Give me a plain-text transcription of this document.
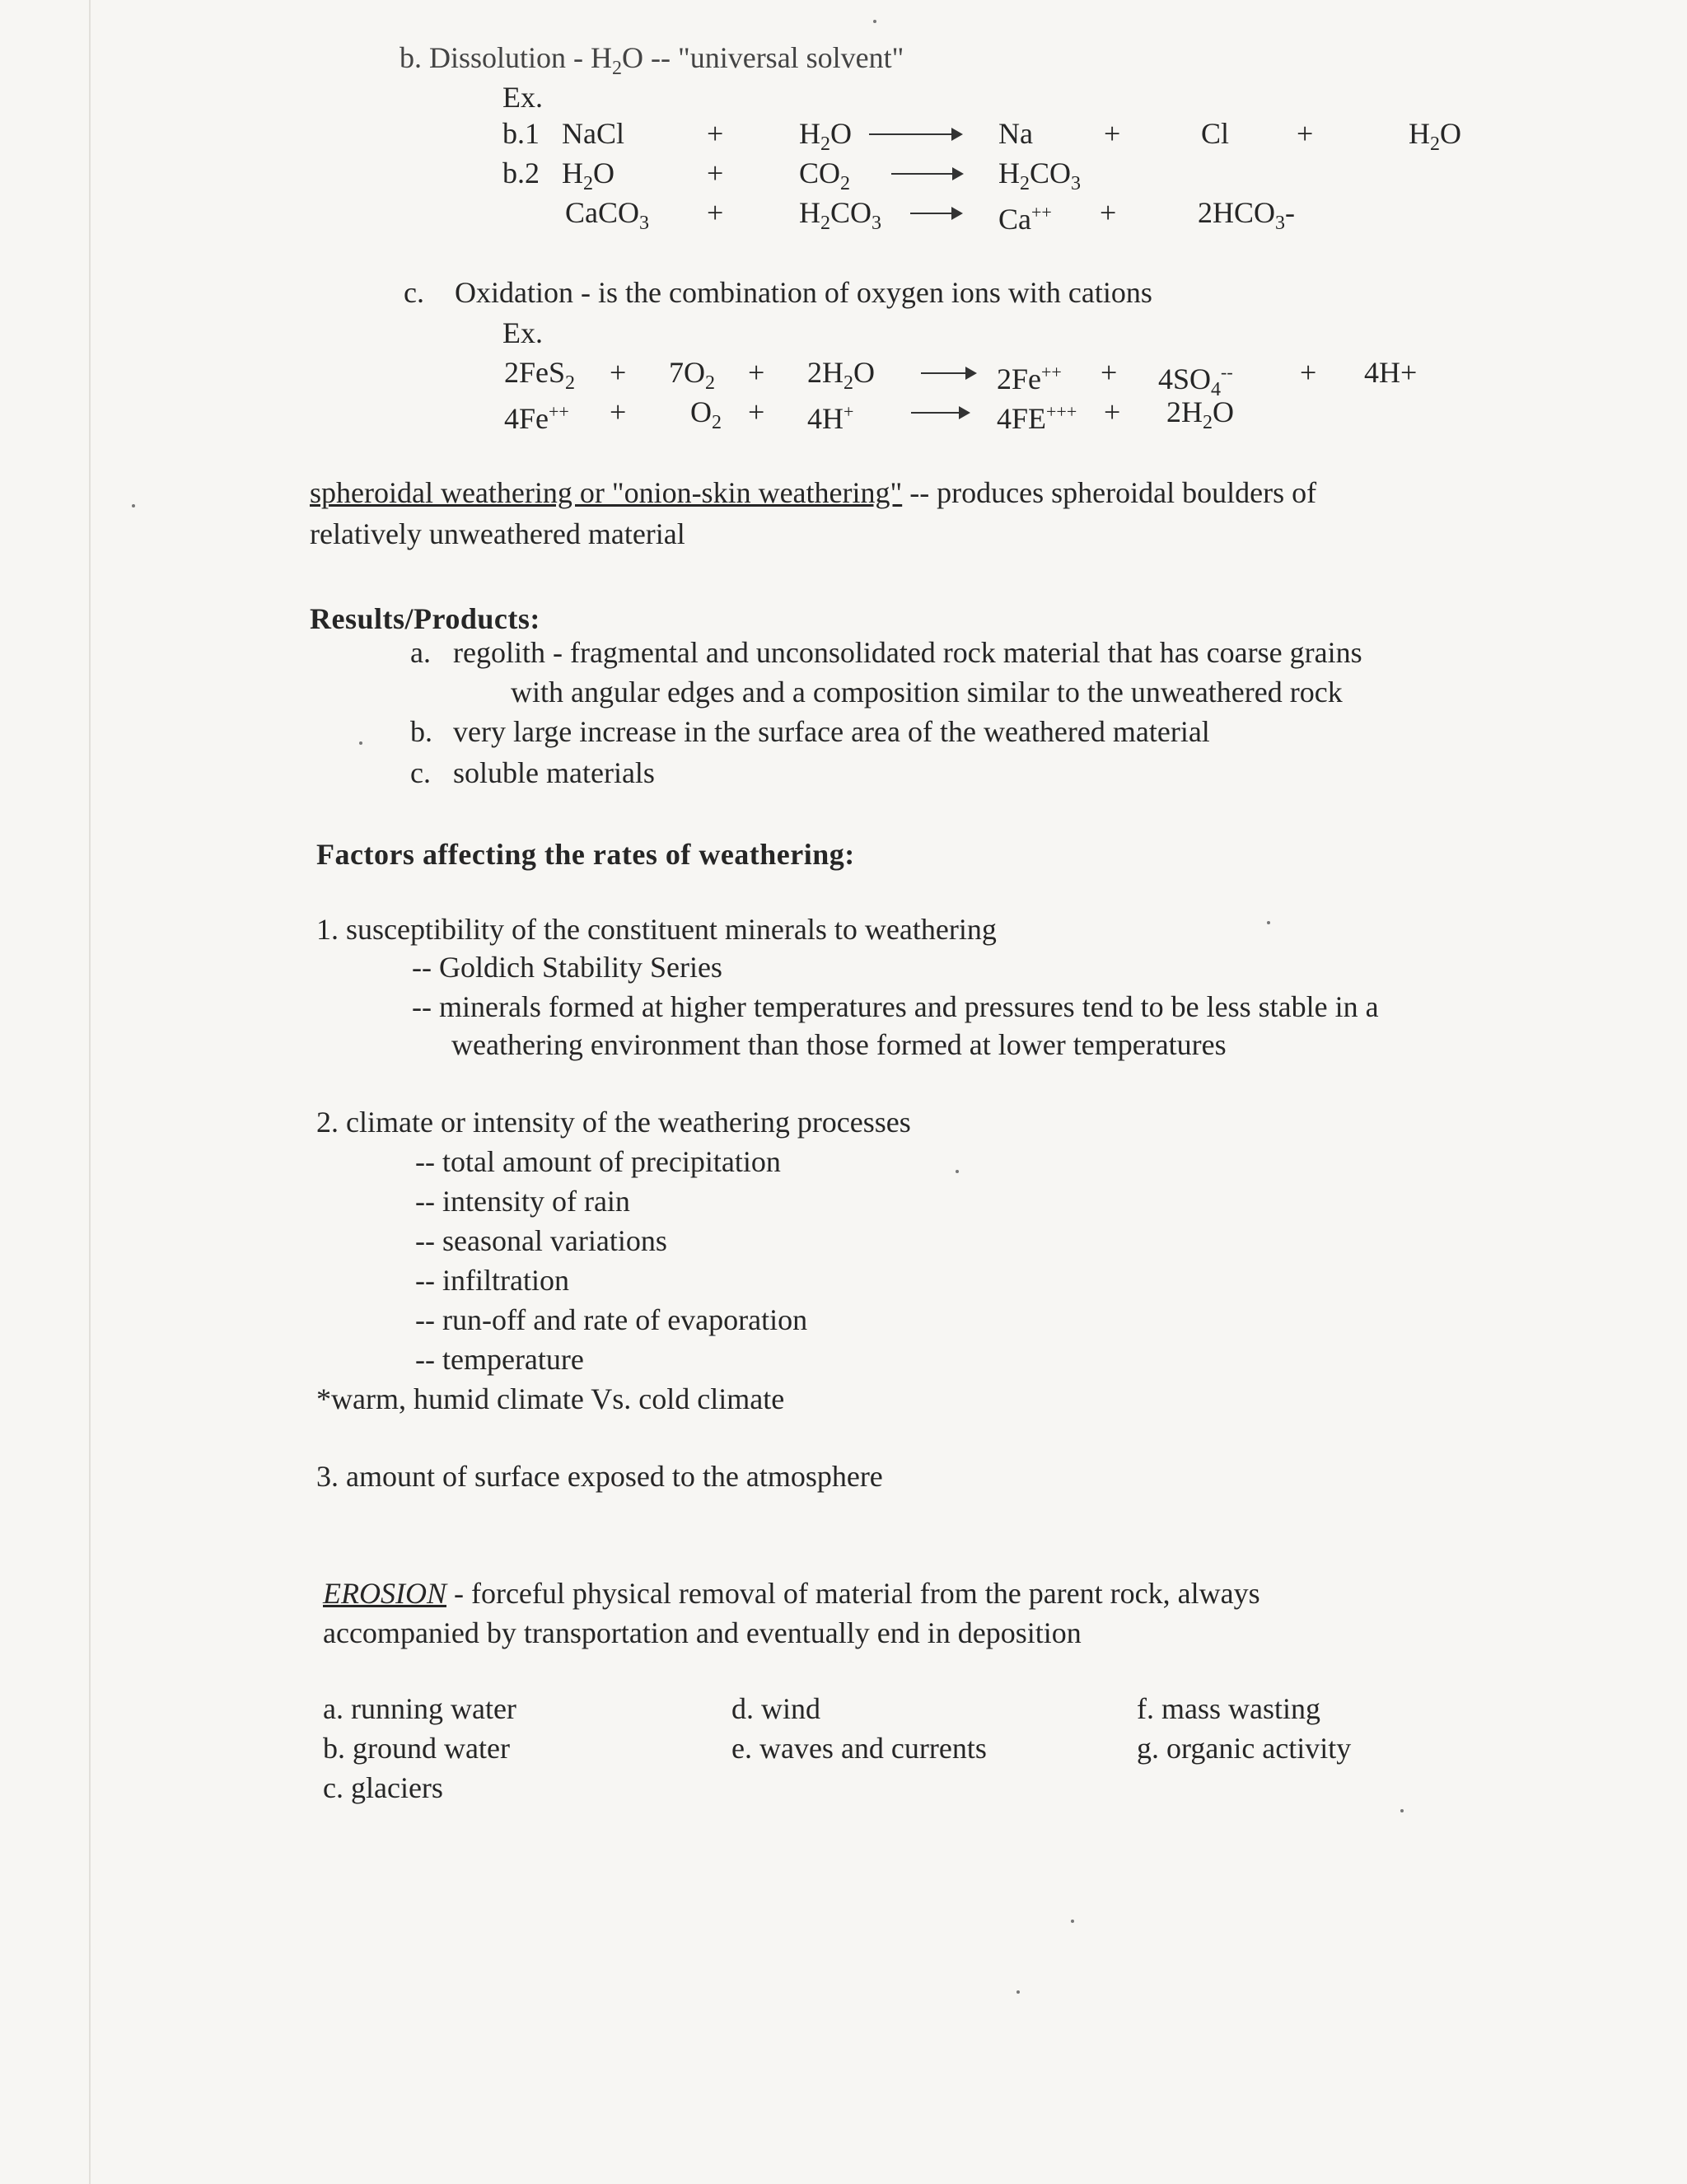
b. Dissolution - $H_2O$ -- "universal solvent"
Ex.
b.1 NaCl	+	$H_2O$	Na +	Cl +	$H_2O$
b.2 $H_2O$	+	$CO_2$	$H_2CO_3$
CaCO$_3$ +	$H_2CO_3$	Ca++ +	$2HCO_3-$
c. Oxidation - is the combination of oxygen ions with cations
Ex.
$2FeS_2 + 7O_2 + 2H_2O$	$2Fe^{++} + 4SO_4^{--} + 4H+$
$4Fe^{++} + O_2 + 4H^+$	$4FE^{+++} + 2H_2O$
spheroidal weathering or "onion-skin weathering" -- produces spheroidal boulders of
relatively unweathered material
Results/Products:
a. regolith - fragmental and unconsolidated rock material that has coarse grains
with angular edges and a composition similar to the unweathered rock
b. very large increase in the surface area of the weathered material
c. soluble materials
Factors affecting the rates of weathering:
1. susceptibility of the constituent minerals to weathering
-- Goldich Stability Series
-- minerals formed at higher temperatures and pressures tend to be less stable in a
weathering environment than those formed at lower temperatures
2. climate or intensity of the weathering processes
-- total amount of precipitation
-- intensity of rain
-- seasonal variations
-- infiltration
-- run-off and rate of evaporation
-- temperature
*warm, humid climate Vs. cold climate
3. amount of surface exposed to the atmosphere
EROSION - forceful physical removal of material from the parent rock, always
accompanied by transportation and eventually end in deposition
a. running water
b. ground water
c. glaciers
d. wind
e. waves and currents
f. mass wasting
g. organic activity
